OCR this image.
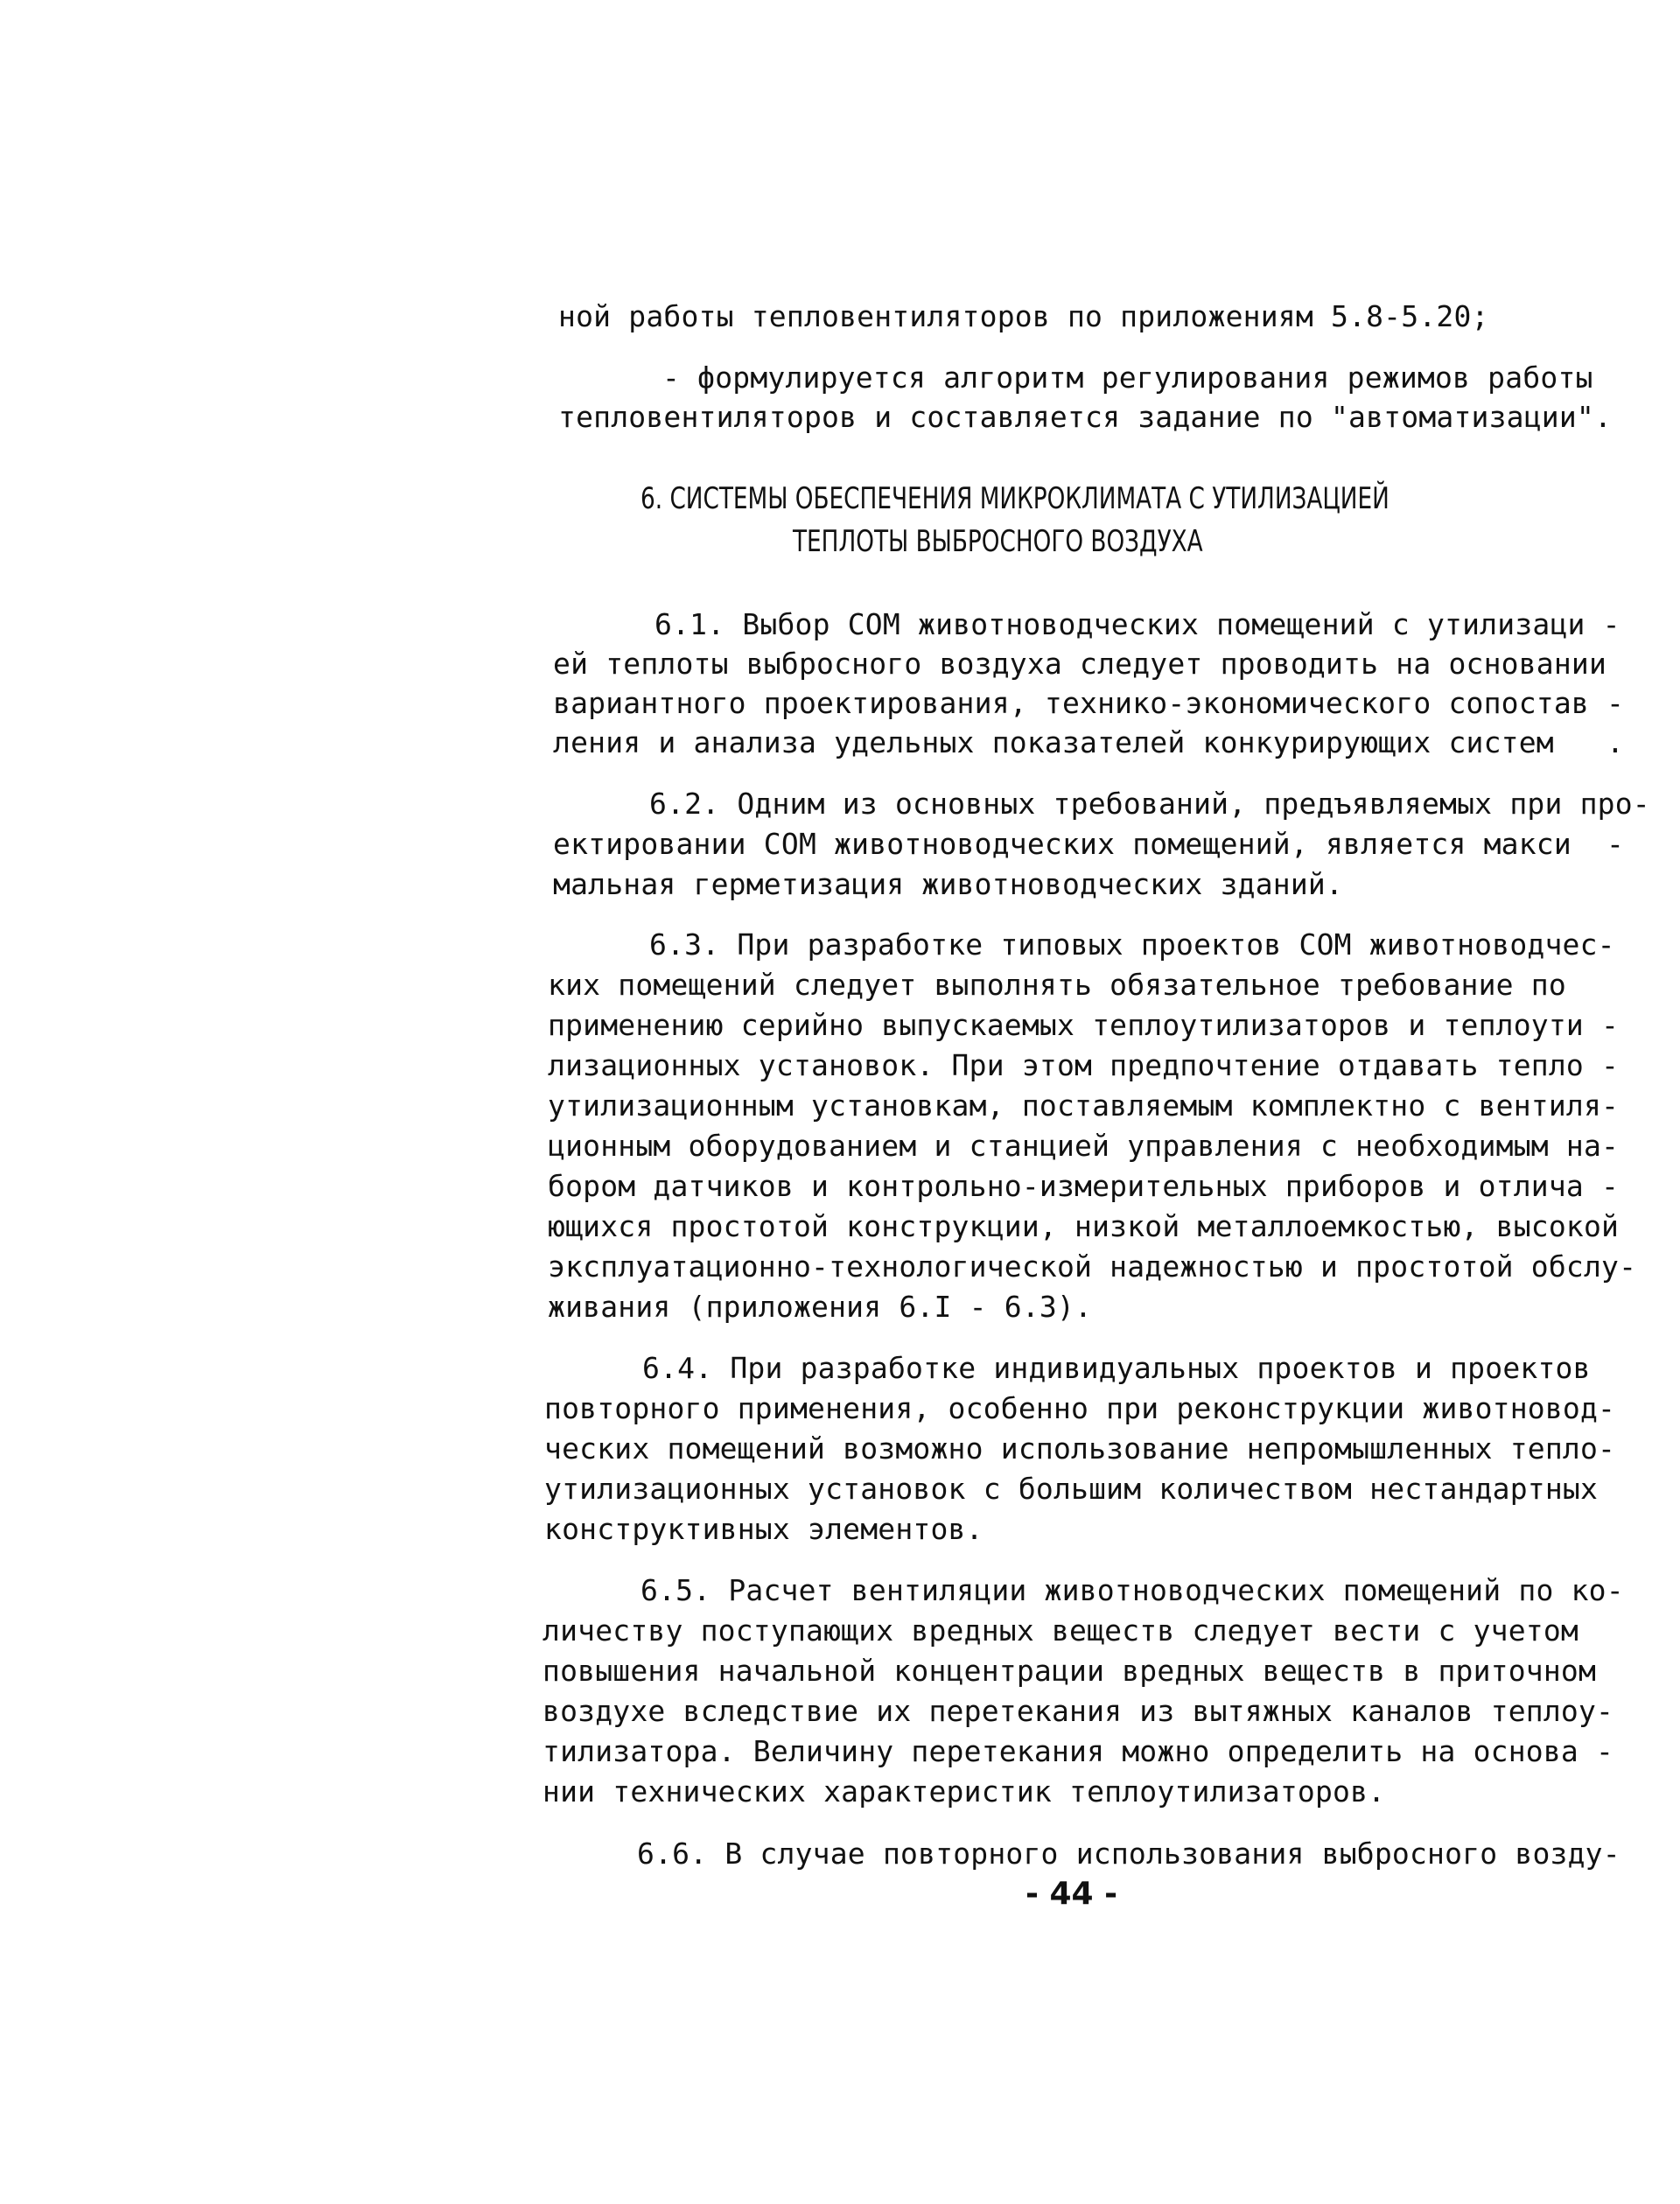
ной работы тепловентиляторов по приложениям 5.8-5.20;
- формулируется алгоритм регулирования режимов работы
тепловентиляторов и составляется задание по "автоматизации".
6. СИСТЕМЫ ОБЕСПЕЧЕНИЯ МИКРОКЛИМАТА С УТИЛИЗАЦИЕЙ
ТЕПЛОТЫ ВЫБРОСНОГО ВОЗДУХА
6.1. Выбор СОМ животноводческих помещений с утилизаци -
ей теплоты выбросного воздуха следует проводить на основании
вариантного проектирования, технико-экономического сопостав -
ления и анализа удельных показателей конкурирующих систем   .
6.2. Одним из основных требований, предъявляемых при про-
ектировании СОМ животноводческих помещений, является макси  -
мальная герметизация животноводческих зданий.
6.3. При разработке типовых проектов СОМ животноводчес-
ких помещений следует выполнять обязательное требование по
применению серийно выпускаемых теплоутилизаторов и теплоути -
лизационных установок. При этом предпочтение отдавать тепло -
утилизационным установкам, поставляемым комплектно с вентиля-
ционным оборудованием и станцией управления с необходимым на-
бором датчиков и контрольно-измерительных приборов и отлича -
ющихся простотой конструкции, низкой металлоемкостью, высокой
эксплуатационно-технологической надежностью и простотой обслу-
живания (приложения 6.I - 6.3).
6.4. При разработке индивидуальных проектов и проектов
повторного применения, особенно при реконструкции животновод-
ческих помещений возможно использование непромышленных тепло-
утилизационных установок с большим количеством нестандартных
конструктивных элементов.
6.5. Расчет вентиляции животноводческих помещений по ко-
личеству поступающих вредных веществ следует вести с учетом
повышения начальной концентрации вредных веществ в приточном
воздухе вследствие их перетекания из вытяжных каналов теплоу-
тилизатора. Величину перетекания можно определить на основа -
нии технических характеристик теплоутилизаторов.
6.6. В случае повторного использования выбросного возду-
- 44 -
